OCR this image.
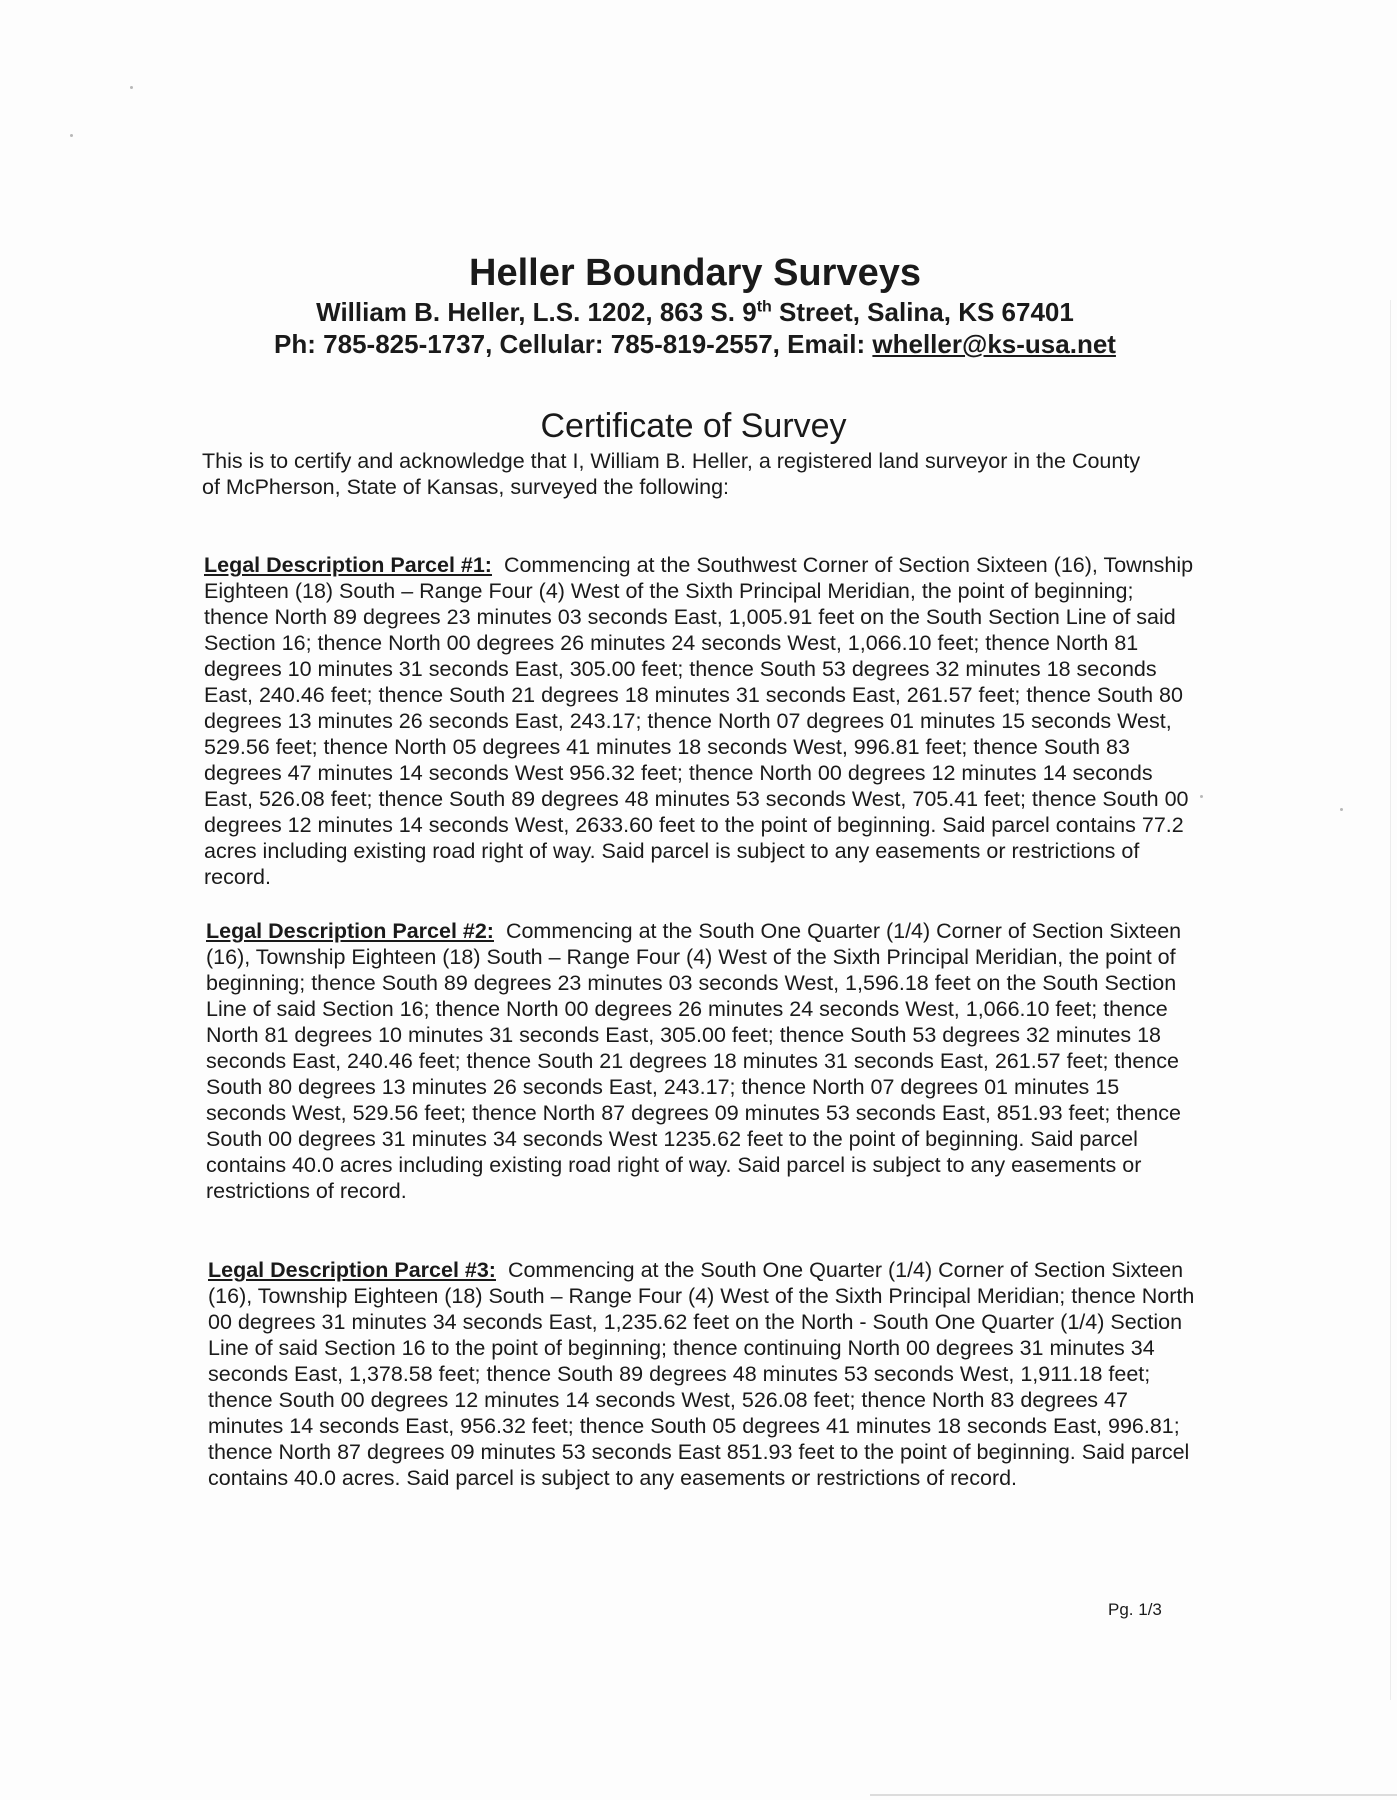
Heller Boundary Surveys

William B. Heller, L.S. 1202, 863 S. 9th Street, Salina, KS 67401

Ph: 785-825-1737, Cellular: 785-819-2557, Email: wheller@ks-usa.net

Certificate of Survey

This is to certify and acknowledge that I, William B. Heller, a registered land surveyor in the County of McPherson, State of Kansas, surveyed the following:

Legal Description Parcel #1: Commencing at the Southwest Corner of Section Sixteen (16), Township Eighteen (18) South – Range Four (4) West of the Sixth Principal Meridian, the point of beginning; thence North 89 degrees 23 minutes 03 seconds East, 1,005.91 feet on the South Section Line of said Section 16; thence North 00 degrees 26 minutes 24 seconds West, 1,066.10 feet; thence North 81 degrees 10 minutes 31 seconds East, 305.00 feet; thence South 53 degrees 32 minutes 18 seconds East, 240.46 feet; thence South 21 degrees 18 minutes 31 seconds East, 261.57 feet; thence South 80 degrees 13 minutes 26 seconds East, 243.17; thence North 07 degrees 01 minutes 15 seconds West, 529.56 feet; thence North 05 degrees 41 minutes 18 seconds West, 996.81 feet; thence South 83 degrees 47 minutes 14 seconds West 956.32 feet; thence North 00 degrees 12 minutes 14 seconds East, 526.08 feet; thence South 89 degrees 48 minutes 53 seconds West, 705.41 feet; thence South 00 degrees 12 minutes 14 seconds West, 2633.60 feet to the point of beginning. Said parcel contains 77.2 acres including existing road right of way. Said parcel is subject to any easements or restrictions of record.

Legal Description Parcel #2: Commencing at the South One Quarter (1/4) Corner of Section Sixteen (16), Township Eighteen (18) South – Range Four (4) West of the Sixth Principal Meridian, the point of beginning; thence South 89 degrees 23 minutes 03 seconds West, 1,596.18 feet on the South Section Line of said Section 16; thence North 00 degrees 26 minutes 24 seconds West, 1,066.10 feet; thence North 81 degrees 10 minutes 31 seconds East, 305.00 feet; thence South 53 degrees 32 minutes 18 seconds East, 240.46 feet; thence South 21 degrees 18 minutes 31 seconds East, 261.57 feet; thence South 80 degrees 13 minutes 26 seconds East, 243.17; thence North 07 degrees 01 minutes 15 seconds West, 529.56 feet; thence North 87 degrees 09 minutes 53 seconds East, 851.93 feet; thence South 00 degrees 31 minutes 34 seconds West 1235.62 feet to the point of beginning. Said parcel contains 40.0 acres including existing road right of way. Said parcel is subject to any easements or restrictions of record.

Legal Description Parcel #3: Commencing at the South One Quarter (1/4) Corner of Section Sixteen (16), Township Eighteen (18) South – Range Four (4) West of the Sixth Principal Meridian; thence North 00 degrees 31 minutes 34 seconds East, 1,235.62 feet on the North - South One Quarter (1/4) Section Line of said Section 16 to the point of beginning; thence continuing North 00 degrees 31 minutes 34 seconds East, 1,378.58 feet; thence South 89 degrees 48 minutes 53 seconds West, 1,911.18 feet; thence South 00 degrees 12 minutes 14 seconds West, 526.08 feet; thence North 83 degrees 47 minutes 14 seconds East, 956.32 feet; thence South 05 degrees 41 minutes 18 seconds East, 996.81; thence North 87 degrees 09 minutes 53 seconds East 851.93 feet to the point of beginning. Said parcel contains 40.0 acres. Said parcel is subject to any easements or restrictions of record.

Pg. 1/3
